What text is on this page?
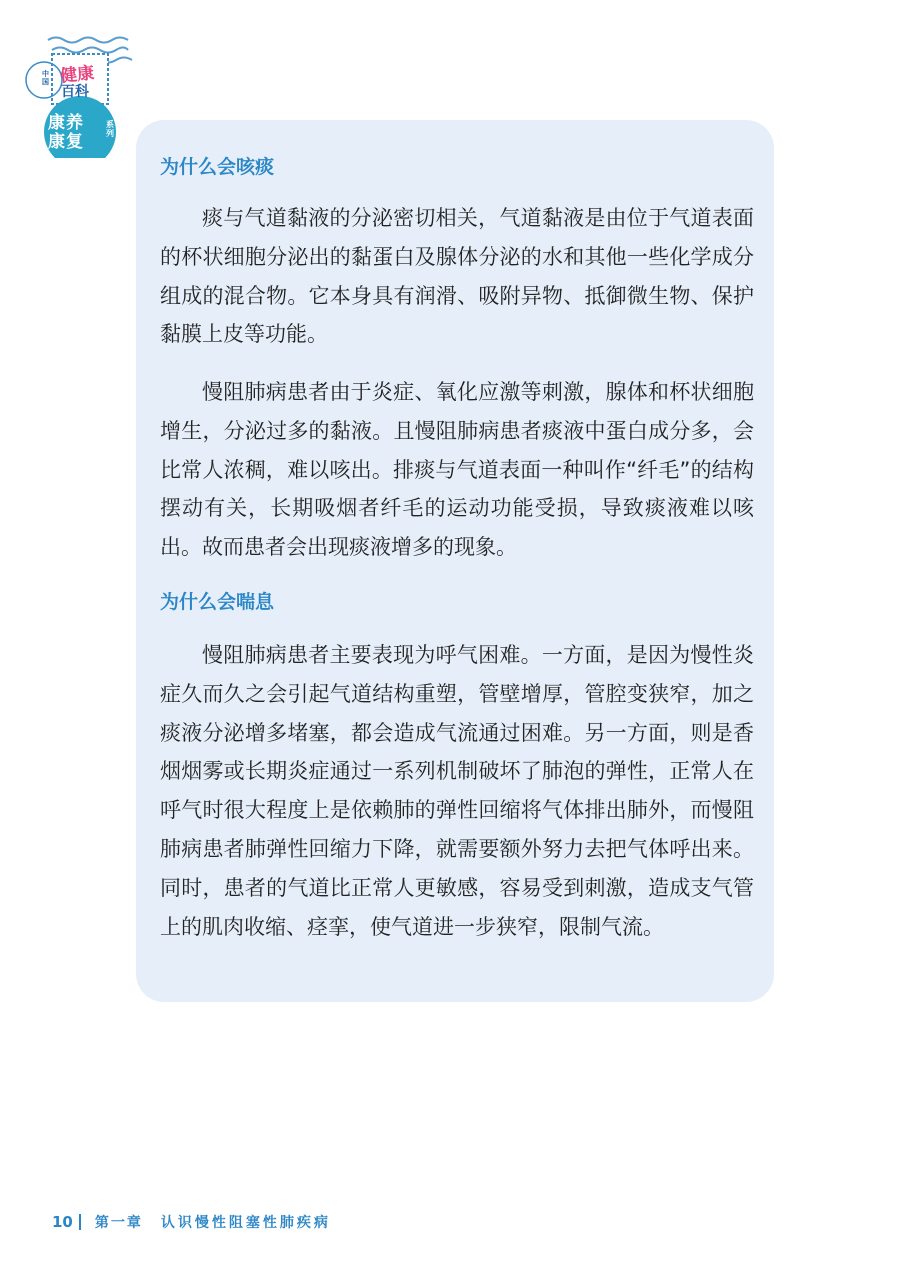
中国 健康
百科
康养
康复
系列
为什么会咳痰
痰与气道黏液的分泌密切相关，气道黏液是由位于气道表面的杯状细胞分泌出的黏蛋白及腺体分泌的水和其他一些化学成分组成的混合物。它本身具有润滑、吸附异物、抵御微生物、保护黏膜上皮等功能。
慢阻肺病患者由于炎症、氧化应激等刺激，腺体和杯状细胞增生，分泌过多的黏液。且慢阻肺病患者痰液中蛋白成分多，会比常人浓稠，难以咳出。排痰与气道表面一种叫作“纤毛”的结构摆动有关，长期吸烟者纤毛的运动功能受损，导致痰液难以咳出。故而患者会出现痰液增多的现象。
为什么会喘息
慢阻肺病患者主要表现为呼气困难。一方面，是因为慢性炎症久而久之会引起气道结构重塑，管壁增厚，管腔变狭窄，加之痰液分泌增多堵塞，都会造成气流通过困难。另一方面，则是香烟烟雾或长期炎症通过一系列机制破坏了肺泡的弹性，正常人在呼气时很大程度上是依赖肺的弹性回缩将气体排出肺外，而慢阻肺病患者肺弹性回缩力下降，就需要额外努力去把气体呼出来。同时，患者的气道比正常人更敏感，容易受到刺激，造成支气管上的肌肉收缩、痉挛，使气道进一步狭窄，限制气流。
10 第一章 认识慢性阻塞性肺疾病
